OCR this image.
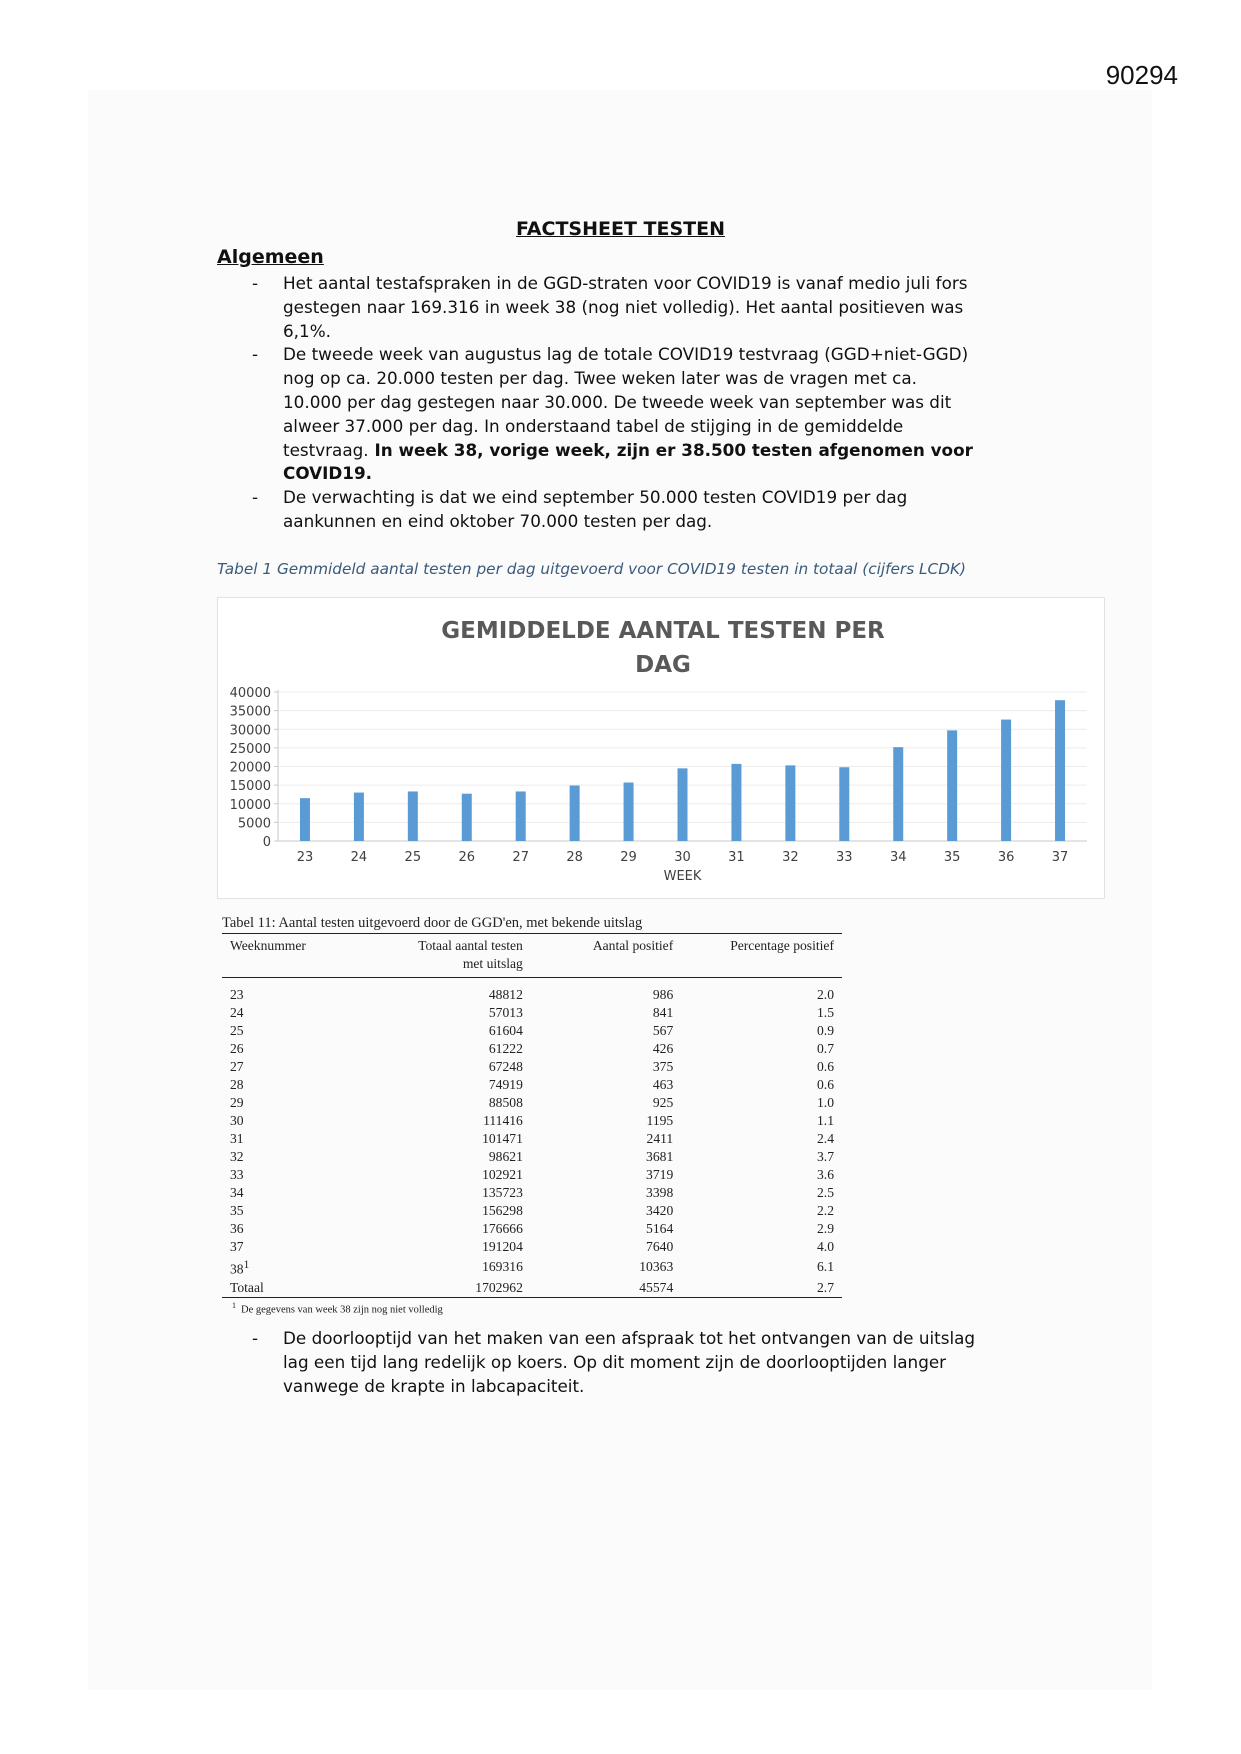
90294
FACTSHEET TESTEN
Algemeen
- Het aantal testafspraken in de GGD-straten voor COVID19 is vanaf medio juli fors
gestegen naar 169.316 in week 38 (nog niet volledig). Het aantal positieven was
6,1%.
- De tweede week van augustus lag de totale COVID19 testvraag (GGD+niet-GGD)
nog op ca. 20.000 testen per dag. Twee weken later was de vragen met ca.
10.000 per dag gestegen naar 30.000. De tweede week van september was dit
alweer 37.000 per dag. In onderstaand tabel de stijging in de gemiddelde
testvraag. In week 38, vorige week, zijn er 38.500 testen afgenomen voor
COVID19.
- De verwachting is dat we eind september 50.000 testen COVID19 per dag
aankunnen en eind oktober 70.000 testen per dag.
Tabel 1 Gemmideld aantal testen per dag uitgevoerd voor COVID19 testen in totaal (cijfers LCDK)
GEMIDDELDE AANTAL TESTEN PER
DAG
0
5000
10000
15000
20000
25000
30000
35000
40000
23	24	25	26	27	28	29	30	31	32	33	34	35	36	37
WEEK
Tabel 11: Aantal testen uitgevoerd door de GGD'en, met bekende uitslag
Weeknummer	Totaal aantal testen
met uitslag	Aantal positief	Percentage positief

23	48812	986	2.0
24	57013	841	1.5
25	61604	567	0.9
26	61222	426	0.7
27	67248	375	0.6
28	74919	463	0.6
29	88508	925	1.0
30	111416	1195	1.1
31	101471	2411	2.4
32	98621	3681	3.7
33	102921	3719	3.6
34	135723	3398	2.5
35	156298	3420	2.2
36	176666	5164	2.9
37	191204	7640	4.0
$38^1$	169316	10363	6.1
Totaal	1702962	45574	2.7
$^1$ De gegevens van week 38 zijn nog niet volledig
- De doorlooptijd van het maken van een afspraak tot het ontvangen van de uitslag
lag een tijd lang redelijk op koers. Op dit moment zijn de doorlooptijden langer
vanwege de krapte in labcapaciteit.
